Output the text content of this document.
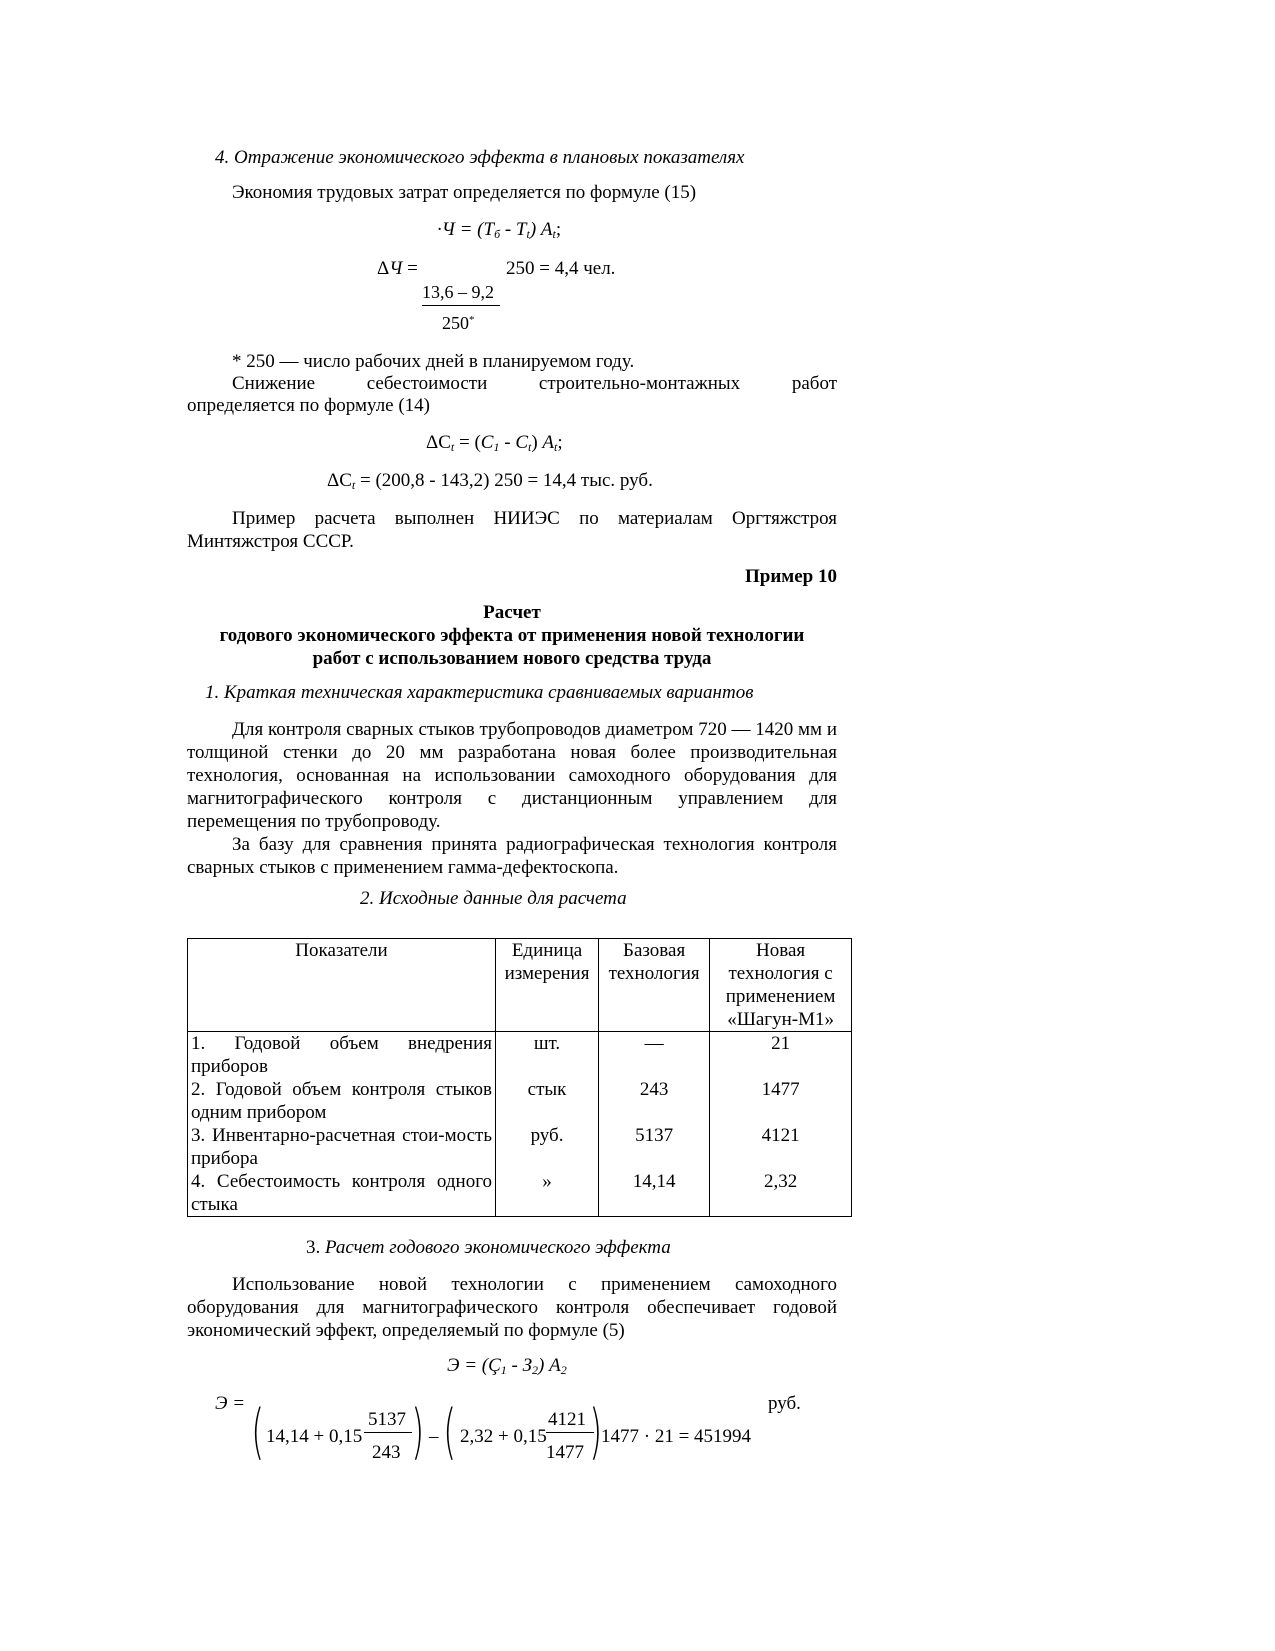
4. Отражение экономического эффекта в плановых показателях
Экономия трудовых затрат определяется по формуле (15)
$\cdot Ч = (Т_б - Т_t)$ $А_t$;
ΔЧ =	250 = 4,4 чел.
13,6 – 9,2
250*
* 250 — число рабочих дней в планируемом году.
Снижение себестоимости строительно-монтажных работ
определяется по формуле (14)
$\Delta С_t = (С_1 - С_t)$ $А_t$;
$\Delta С_t = (200,8 - 143,2) 250 = 14,4$ тыс. руб.
Пример расчета выполнен НИИЭС по материалам Оргтяжстроя Минтяжстроя СССР.
Пример 10
Расчет
годового экономического эффекта от применения новой технологии
работ с использованием нового средства труда
1. Краткая техническая характеристика сравниваемых вариантов
Для контроля сварных стыков трубопроводов диаметром 720 — 1420 мм и толщиной стенки до 20 мм разработана новая более производительная технология, основанная на использовании самоходного оборудования для магнитографического контроля с дистанционным управлением для перемещения по трубопроводу.
За базу для сравнения принята радиографическая технология контроля сварных стыков с применением гамма-дефектоскопа.
2. Исходные данные для расчета
Показатели	Единица измерения	Базовая технология	Новая технология с применением «Шагун-М1»
1. Годовой объем внедрения приборов	шт.	—	21
2. Годовой объем контроля стыков одним прибором	стык	243	1477
3. Инвентарно-расчетная стои-мость прибора	руб.	5137	4121
4. Себестоимость контроля одного стыка	»	14,14	2,32
3. Расчет годового экономического эффекта
Использование новой технологии с применением самоходного оборудования для магнитографического контроля обеспечивает годовой экономический эффект, определяемый по формуле (5)
$Э = (Ç_1 - З_2)$ $А_2$
Э =	руб.
( 14,14 + 0,15
5137
243 ) – ( 2,32 + 0,15
4121
1477 )
1477 · 21 = 451994
